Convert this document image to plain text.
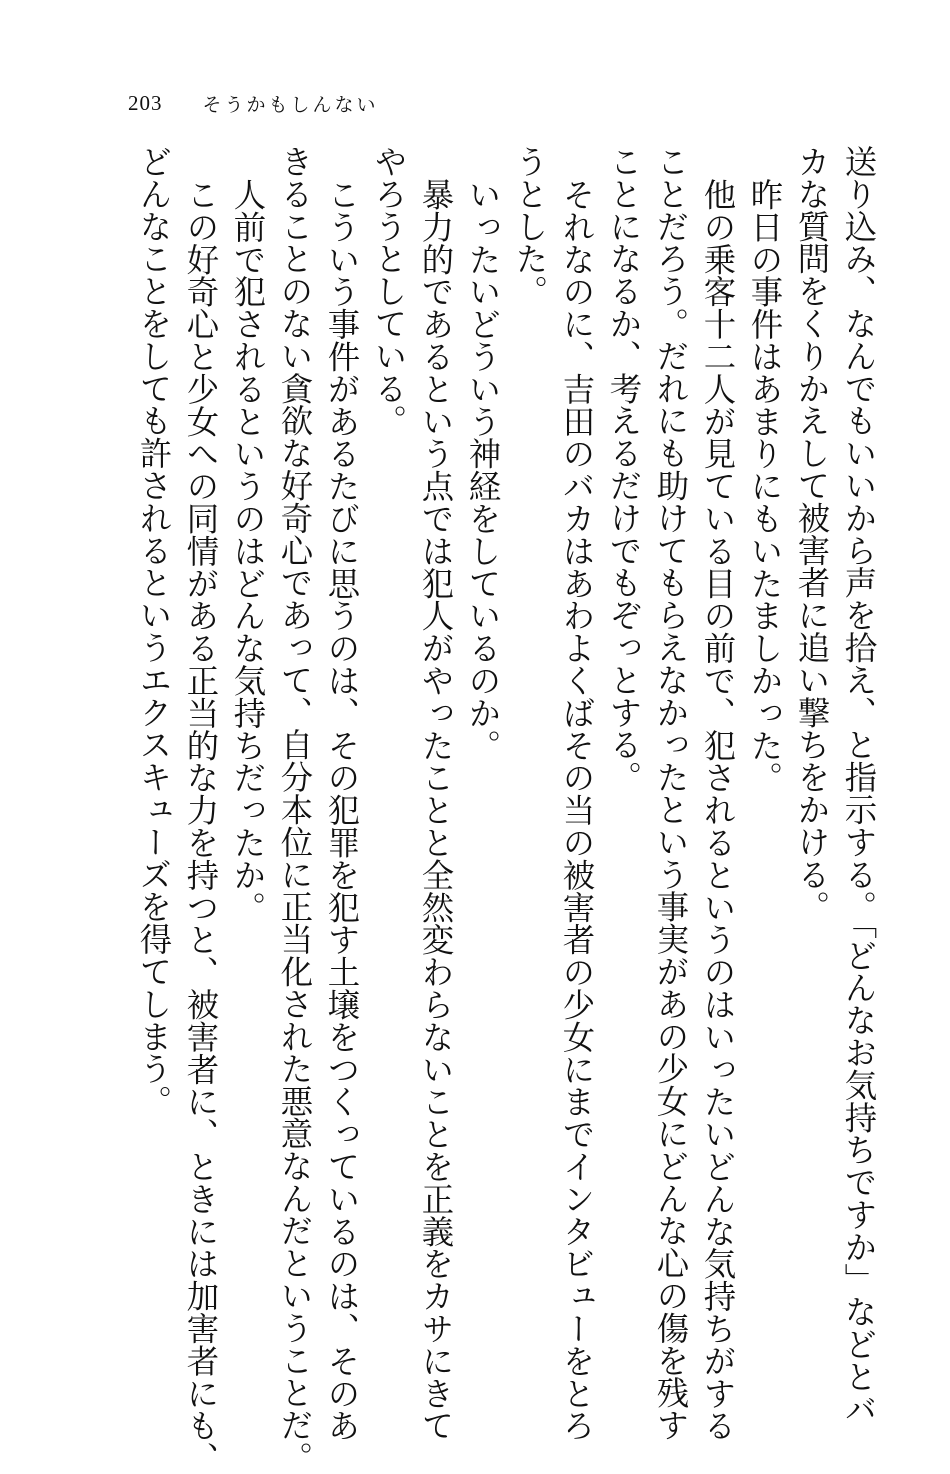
203 そうかもしんない
送り込み、なんでもいいから声を拾え、と指示する。「どんなお気持ちですか」などとバ
カな質問をくりかえして被害者に追い撃ちをかける。
昨日の事件はあまりにもいたましかった。
他の乗客十二人が見ている目の前で、犯されるというのはいったいどんな気持ちがする
ことだろう。だれにも助けてもらえなかったという事実があの少女にどんな心の傷を残す
ことになるか、考えるだけでもぞっとする。
それなのに、吉田のバカはあわよくばその当の被害者の少女にまでインタビューをとろ
うとした。
いったいどういう神経をしているのか。
暴力的であるという点では犯人がやったことと全然変わらないことを正義をカサにきて
やろうとしている。
こういう事件があるたびに思うのは、その犯罪を犯す土壌をつくっているのは、そのあ
きることのない貪欲な好奇心であって、自分本位に正当化された悪意なんだということだ。
人前で犯されるというのはどんな気持ちだったか。
この好奇心と少女への同情がある正当的な力を持つと、被害者に、ときには加害者にも、
どんなことをしても許されるというエクスキューズを得てしまう。
